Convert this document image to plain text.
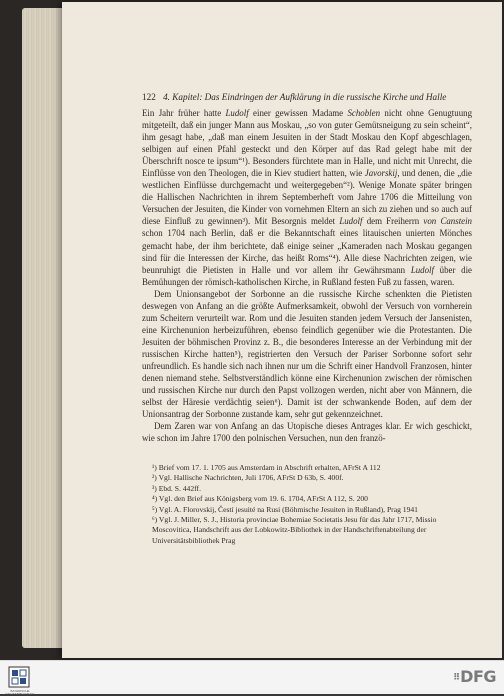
122 4. Kapitel: Das Eindringen der Aufklärung in die russische Kirche und Halle

Ein Jahr früher hatte Ludolf einer gewissen Madame Schoblen nicht ohne Genugtuung mitgeteilt, daß ein junger Mann aus Moskau, „so von guter Gemütsneigung zu sein scheint“, ihm gesagt habe, „daß man einem Jesuiten in der Stadt Moskau den Kopf abgeschlagen, selbigen auf einen Pfahl gesteckt und den Körper auf das Rad gelegt habe mit der Überschrift nosce te ipsum“¹). Besonders fürchtete man in Halle, und nicht mit Unrecht, die Einflüsse von den Theologen, die in Kiev studiert hatten, wie Javorskij, und denen, die „die westlichen Einflüsse durchgemacht und weitergegeben“²). Wenige Monate später bringen die Hallischen Nachrichten in ihrem Septemberheft vom Jahre 1706 die Mitteilung von Versuchen der Jesuiten, die Kinder von vornehmen Eltern an sich zu ziehen und so auch auf diese Einfluß zu gewinnen³). Mit Besorgnis meldet Ludolf dem Freiherrn von Canstein schon 1704 nach Berlin, daß er die Bekanntschaft eines litauischen unierten Mönches gemacht habe, der ihm berichtete, daß einige seiner „Kameraden nach Moskau gegangen sind für die Interessen der Kirche, das heißt Roms“⁴). Alle diese Nachrichten zeigen, wie beunruhigt die Pietisten in Halle und vor allem ihr Gewährsmann Ludolf über die Bemühungen der römisch-katholischen Kirche, in Rußland festen Fuß zu fassen, waren.

Dem Unionsangebot der Sorbonne an die russische Kirche schenkten die Pietisten deswegen von Anfang an die größte Aufmerksamkeit, obwohl der Versuch von vornherein zum Scheitern verurteilt war. Rom und die Jesuiten standen jedem Versuch der Jansenisten, eine Kirchenunion herbeizuführen, ebenso feindlich gegenüber wie die Protestanten. Die Jesuiten der böhmischen Provinz z. B., die besonderes Interesse an der Verbindung mit der russischen Kirche hatten⁵), registrierten den Versuch der Pariser Sorbonne sofort sehr unfreundlich. Es handle sich nach ihnen nur um die Schrift einer Handvoll Franzosen, hinter denen niemand stehe. Selbstverständlich könne eine Kirchenunion zwischen der römischen und russischen Kirche nur durch den Papst vollzogen werden, nicht aber von Männern, die selbst der Häresie verdächtig seien⁶). Damit ist der schwankende Boden, auf dem der Unionsantrag der Sorbonne zustande kam, sehr gut gekennzeichnet.

Dem Zaren war von Anfang an das Utopische dieses Antrages klar. Er wich geschickt, wie schon im Jahre 1700 den polnischen Versuchen, nun den franzö-

¹) Brief vom 17. 1. 1705 aus Amsterdam in Abschrift erhalten, AFrSt A 112

²) Vgl. Hallische Nachrichten, Juli 1706, AFrSt D 63b, S. 400f.

³) Ebd. S. 442ff.

⁴) Vgl. den Brief aus Königsberg vom 19. 6. 1704, AFrSt A 112, S. 200

⁵) Vgl. A. Florovskij, Čestí jesuité na Rusi (Böhmische Jesuiten in Rußland), Prag 1941

⁶) Vgl. J. Miller, S. J., Historia provinciae Bohemiae Societatis Jesu für das Jahr 1717, Missio Moscovitica, Handschrift aus der Lobkowitz-Bibliothek in der Handschriftenabteilung der Universitätsbibliothek Prag

BAYERISCHE STAATSBIBLIOTHEK
⠿DFG
